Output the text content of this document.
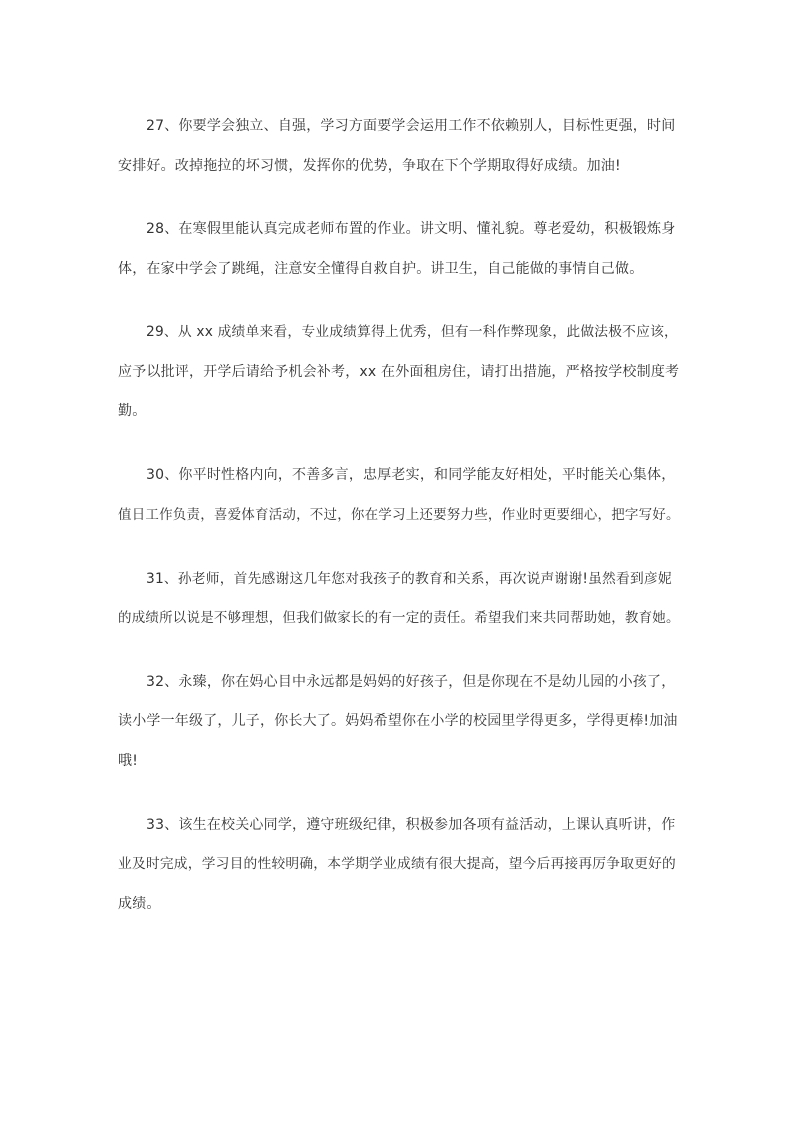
27、你要学会独立、自强，学习方面要学会运用工作不依赖别人，目标性更强，时间
安排好。改掉拖拉的坏习惯，发挥你的优势，争取在下个学期取得好成绩。加油!
28、在寒假里能认真完成老师布置的作业。讲文明、懂礼貌。尊老爱幼，积极锻炼身
体，在家中学会了跳绳，注意安全懂得自救自护。讲卫生，自己能做的事情自己做。
29、从 xx 成绩单来看，专业成绩算得上优秀，但有一科作弊现象，此做法极不应该，
应予以批评，开学后请给予机会补考，xx 在外面租房住，请打出措施，严格按学校制度考
勤。
30、你平时性格内向，不善多言，忠厚老实，和同学能友好相处，平时能关心集体，
值日工作负责，喜爱体育活动，不过，你在学习上还要努力些，作业时更要细心，把字写好。
31、孙老师，首先感谢这几年您对我孩子的教育和关系，再次说声谢谢!虽然看到彦妮
的成绩所以说是不够理想，但我们做家长的有一定的责任。希望我们来共同帮助她，教育她。
32、永臻，你在妈心目中永远都是妈妈的好孩子，但是你现在不是幼儿园的小孩了，
读小学一年级了，儿子，你长大了。妈妈希望你在小学的校园里学得更多，学得更棒!加油
哦!
33、该生在校关心同学，遵守班级纪律，积极参加各项有益活动，上课认真听讲，作
业及时完成，学习目的性较明确，本学期学业成绩有很大提高，望今后再接再厉争取更好的
成绩。
